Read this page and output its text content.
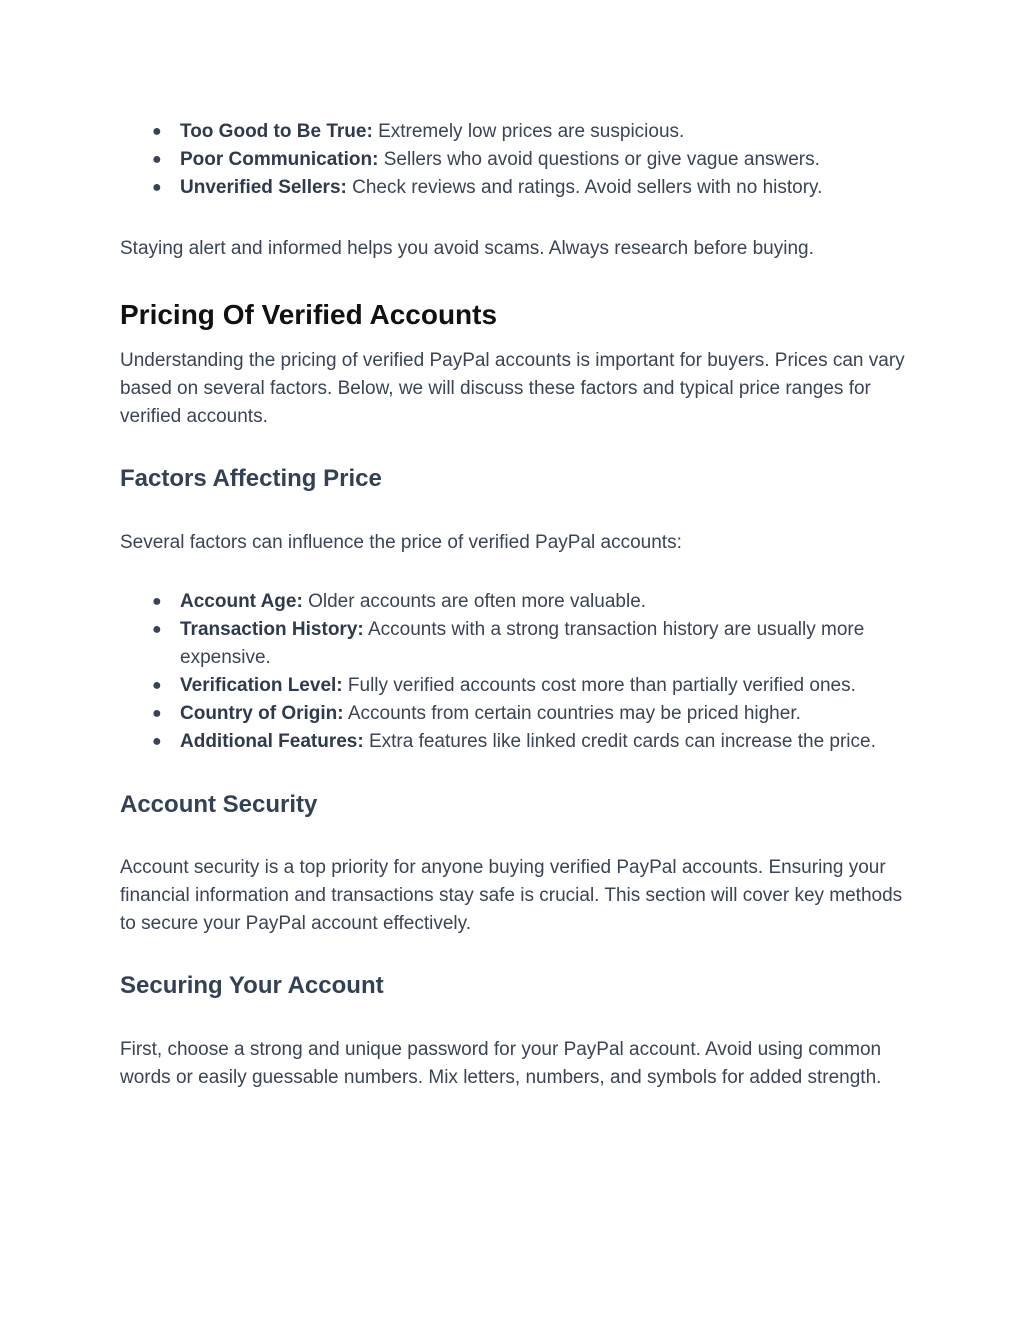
● Too Good to Be True: Extremely low prices are suspicious.
● Poor Communication: Sellers who avoid questions or give vague answers.
● Unverified Sellers: Check reviews and ratings. Avoid sellers with no history.

Staying alert and informed helps you avoid scams. Always research before buying.

Pricing Of Verified Accounts

Understanding the pricing of verified PayPal accounts is important for buyers. Prices can vary based on several factors. Below, we will discuss these factors and typical price ranges for verified accounts.

Factors Affecting Price

Several factors can influence the price of verified PayPal accounts:

● Account Age: Older accounts are often more valuable.
● Transaction History: Accounts with a strong transaction history are usually more expensive.
● Verification Level: Fully verified accounts cost more than partially verified ones.
● Country of Origin: Accounts from certain countries may be priced higher.
● Additional Features: Extra features like linked credit cards can increase the price.
Account Security

Account security is a top priority for anyone buying verified PayPal accounts. Ensuring your financial information and transactions stay safe is crucial. This section will cover key methods to secure your PayPal account effectively.

Securing Your Account

First, choose a strong and unique password for your PayPal account. Avoid using common words or easily guessable numbers. Mix letters, numbers, and symbols for added strength.
